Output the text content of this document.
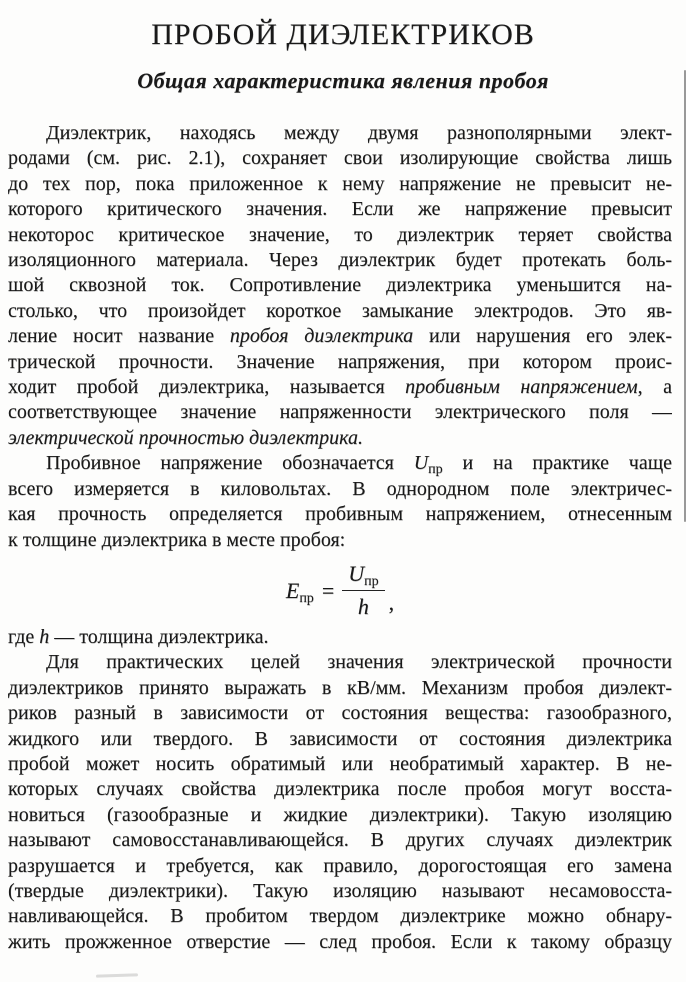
ПРОБОЙ ДИЭЛЕКТРИКОВ
Общая характеристика явления пробоя
Диэлектрик, находясь между двумя разнополярными элект-
родами (см. рис. 2.1), сохраняет свои изолирующие свойства лишь
до тех пор, пока приложенное к нему напряжение не превысит не-
которого критического значения. Если же напряжение превысит
некоторос критическое значение, то диэлектрик теряет свойства
изоляционного материала. Через диэлектрик будет протекать боль-
шой сквозной ток. Сопротивление диэлектрика уменьшится на-
столько, что произойдет короткое замыкание электродов. Это яв-
ление носит название пробоя диэлектрика или нарушения его элек-
трической прочности. Значение напряжения, при котором проис-
ходит пробой диэлектрика, называется пробивным напряжением, а
соответствующее значение напряженности электрического поля —
электрической прочностью диэлектрика.
Пробивное напряжение обозначается $U_{пр}$ и на практике чаще
всего измеряется в киловольтах. В однородном поле электричес-
кая прочность определяется пробивным напряжением, отнесенным
к толщине диэлектрика в месте пробоя:
$E_{пр} = \frac{U_{пр}}{h}$ ,
где h — толщина диэлектрика.
Для практических целей значения электрической прочности
диэлектриков принято выражать в кВ/мм. Механизм пробоя диэлект-
риков разный в зависимости от состояния вещества: газообразного,
жидкого или твердого. В зависимости от состояния диэлектрика
пробой может носить обратимый или необратимый характер. В не-
которых случаях свойства диэлектрика после пробоя могут восста-
новиться (газообразные и жидкие диэлектрики). Такую изоляцию
называют самовосстанавливающейся. В других случаях диэлектрик
разрушается и требуется, как правило, дорогостоящая его замена
(твердые диэлектрики). Такую изоляцию называют несамовосста-
навливающейся. В пробитом твердом диэлектрике можно обнару-
жить прожженное отверстие — след пробоя. Если к такому образцу
